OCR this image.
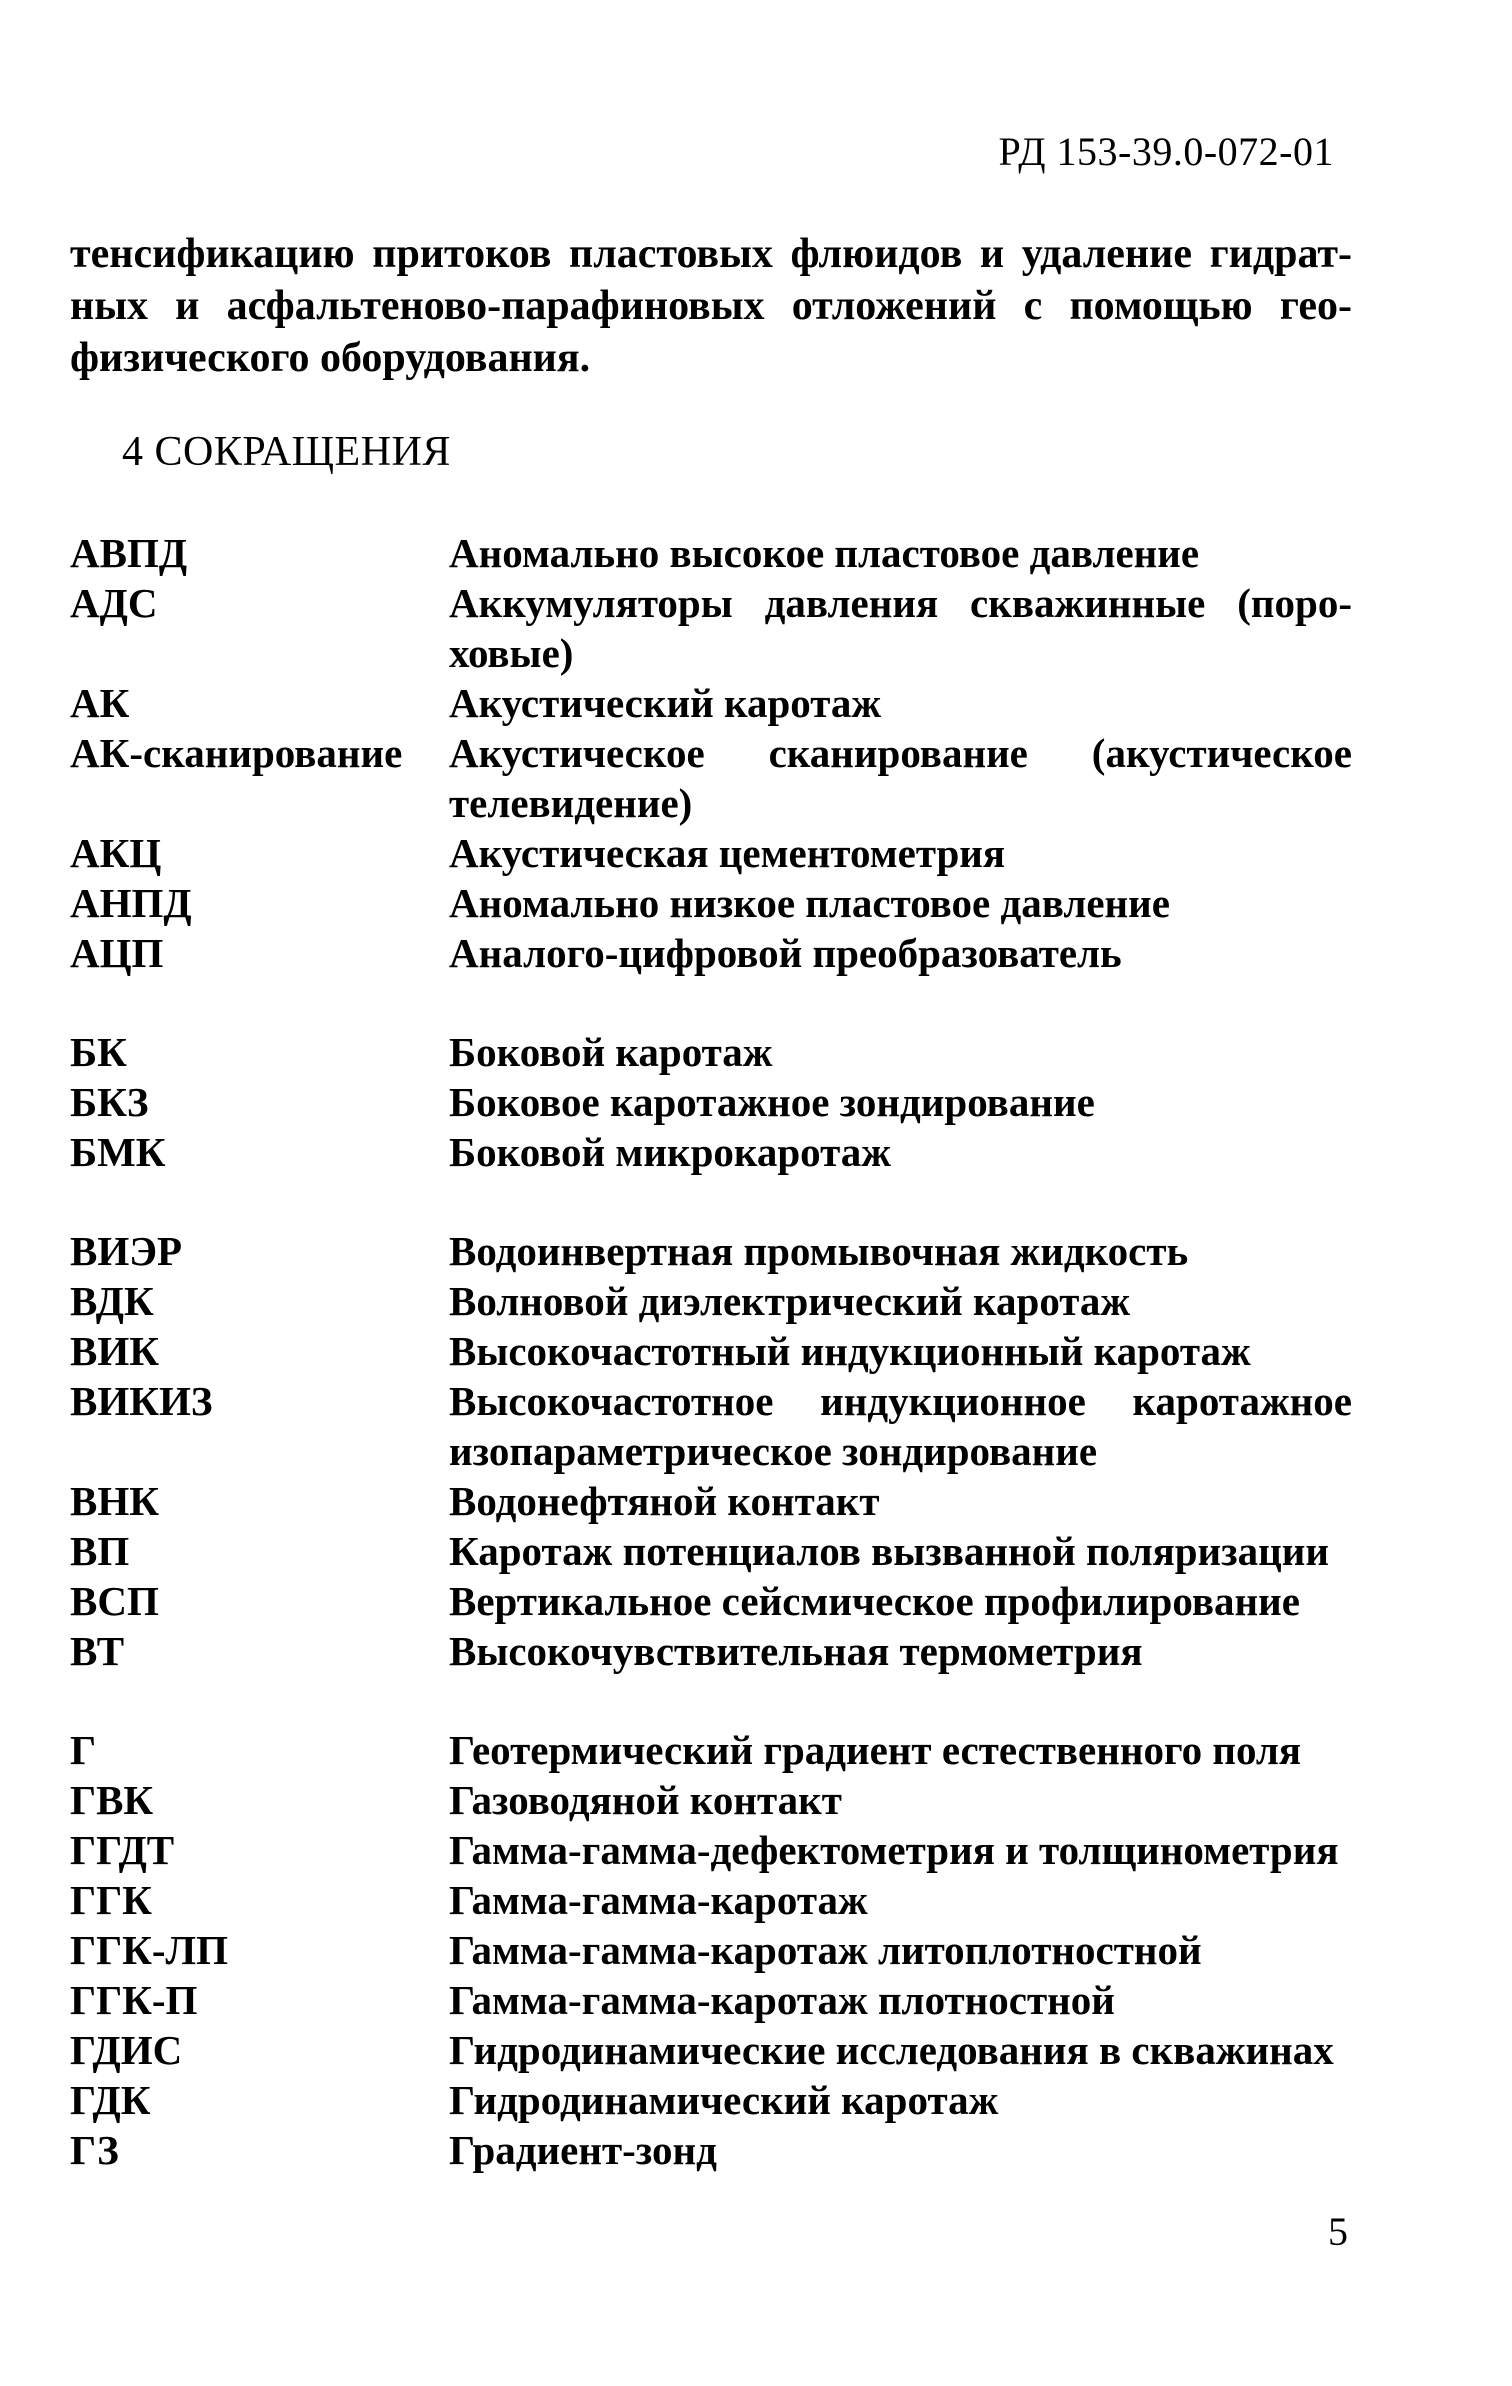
РД 153-39.0-072-01
тенсификацию притоков пластовых флюидов и удаление гидрат-
ных и асфальтеново-парафиновых отложений с помощью гео-
физического оборудования.
4 СОКРАЩЕНИЯ
АВПД	Аномально высокое пластовое давление
АДС	Аккумуляторы давления скважинные (поро-
ховые)
АК	Акустический каротаж
АК-сканирование	Акустическое сканирование (акустическое
телевидение)
АКЦ	Акустическая цементометрия
АНПД	Аномально низкое пластовое давление
АЦП	Аналого-цифровой преобразователь
БК	Боковой каротаж
БКЗ	Боковое каротажное зондирование
БМК	Боковой микрокаротаж
ВИЭР	Водоинвертная промывочная жидкость
ВДК	Волновой диэлектрический каротаж
ВИК	Высокочастотный индукционный каротаж
ВИКИЗ	Высокочастотное индукционное каротажное
изопараметрическое зондирование
ВНК	Водонефтяной контакт
ВП	Каротаж потенциалов вызванной поляризации
ВСП	Вертикальное сейсмическое профилирование
ВТ	Высокочувствительная термометрия
Г	Геотермический градиент естественного поля
ГВК	Газоводяной контакт
ГГДТ	Гамма-гамма-дефектометрия и толщинометрия
ГГК	Гамма-гамма-каротаж
ГГК-ЛП	Гамма-гамма-каротаж литоплотностной
ГГК-П	Гамма-гамма-каротаж плотностной
ГДИС	Гидродинамические исследования в скважинах
ГДК	Гидродинамический каротаж
ГЗ	Градиент-зонд
5
